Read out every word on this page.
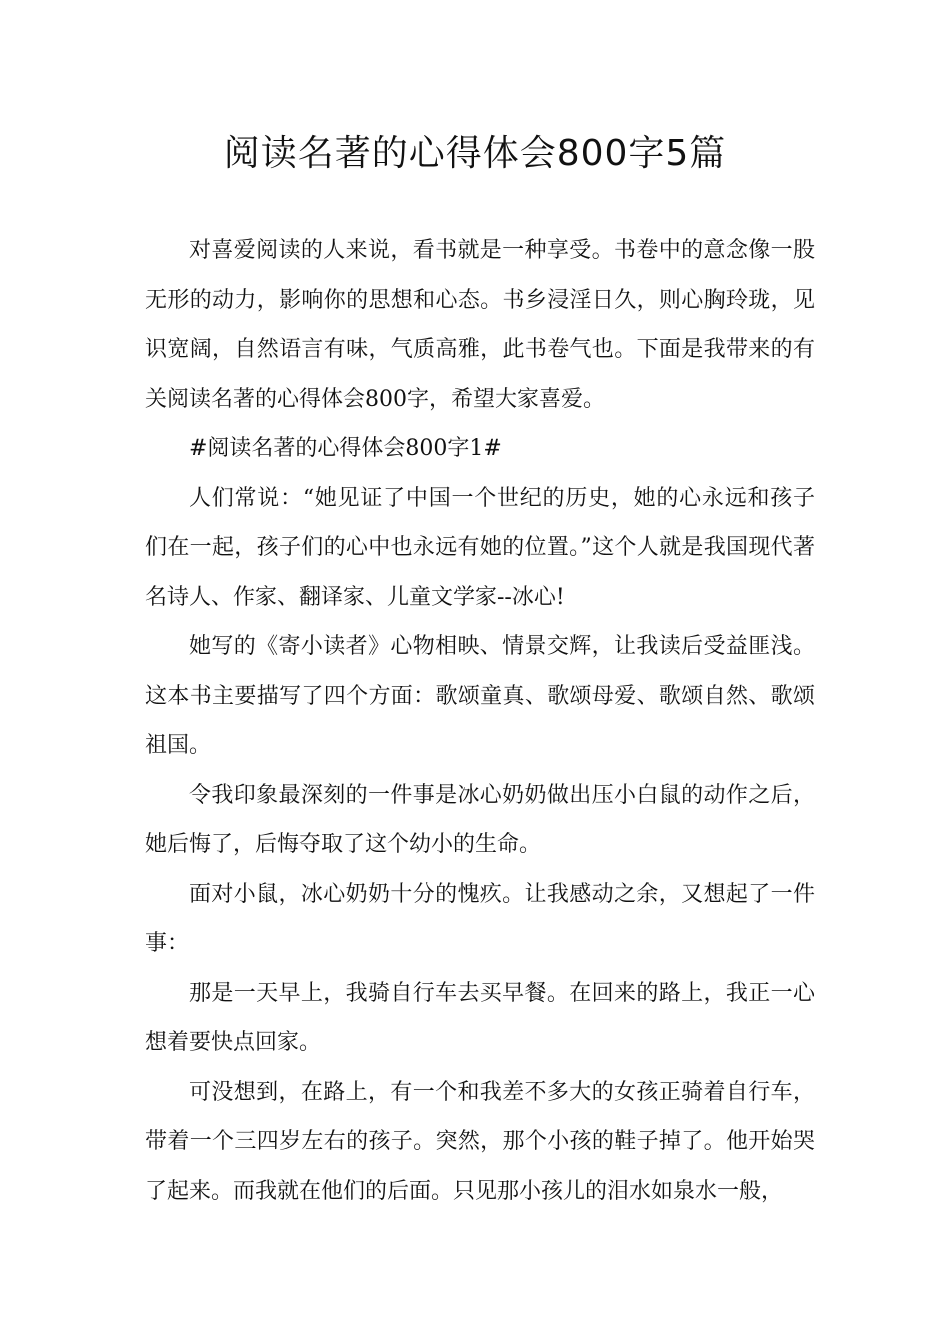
阅读名著的心得体会800字5篇

对喜爱阅读的人来说，看书就是一种享受。书卷中的意念像一股无形的动力，影响你的思想和心态。书乡浸淫日久，则心胸玲珑，见识宽阔，自然语言有味，气质高雅，此书卷气也。下面是我带来的有关阅读名著的心得体会800字，希望大家喜爱。

#阅读名著的心得体会800字1#

人们常说：“她见证了中国一个世纪的历史，她的心永远和孩子们在一起，孩子们的心中也永远有她的位置。”这个人就是我国现代著名诗人、作家、翻译家、儿童文学家--冰心!

她写的《寄小读者》心物相映、情景交辉，让我读后受益匪浅。这本书主要描写了四个方面：歌颂童真、歌颂母爱、歌颂自然、歌颂祖国。

令我印象最深刻的一件事是冰心奶奶做出压小白鼠的动作之后，她后悔了，后悔夺取了这个幼小的生命。

面对小鼠，冰心奶奶十分的愧疚。让我感动之余，又想起了一件事：

那是一天早上，我骑自行车去买早餐。在回来的路上，我正一心想着要快点回家。

可没想到，在路上，有一个和我差不多大的女孩正骑着自行车，带着一个三四岁左右的孩子。突然，那个小孩的鞋子掉了。他开始哭了起来。而我就在他们的后面。只见那小孩儿的泪水如泉水一般，
